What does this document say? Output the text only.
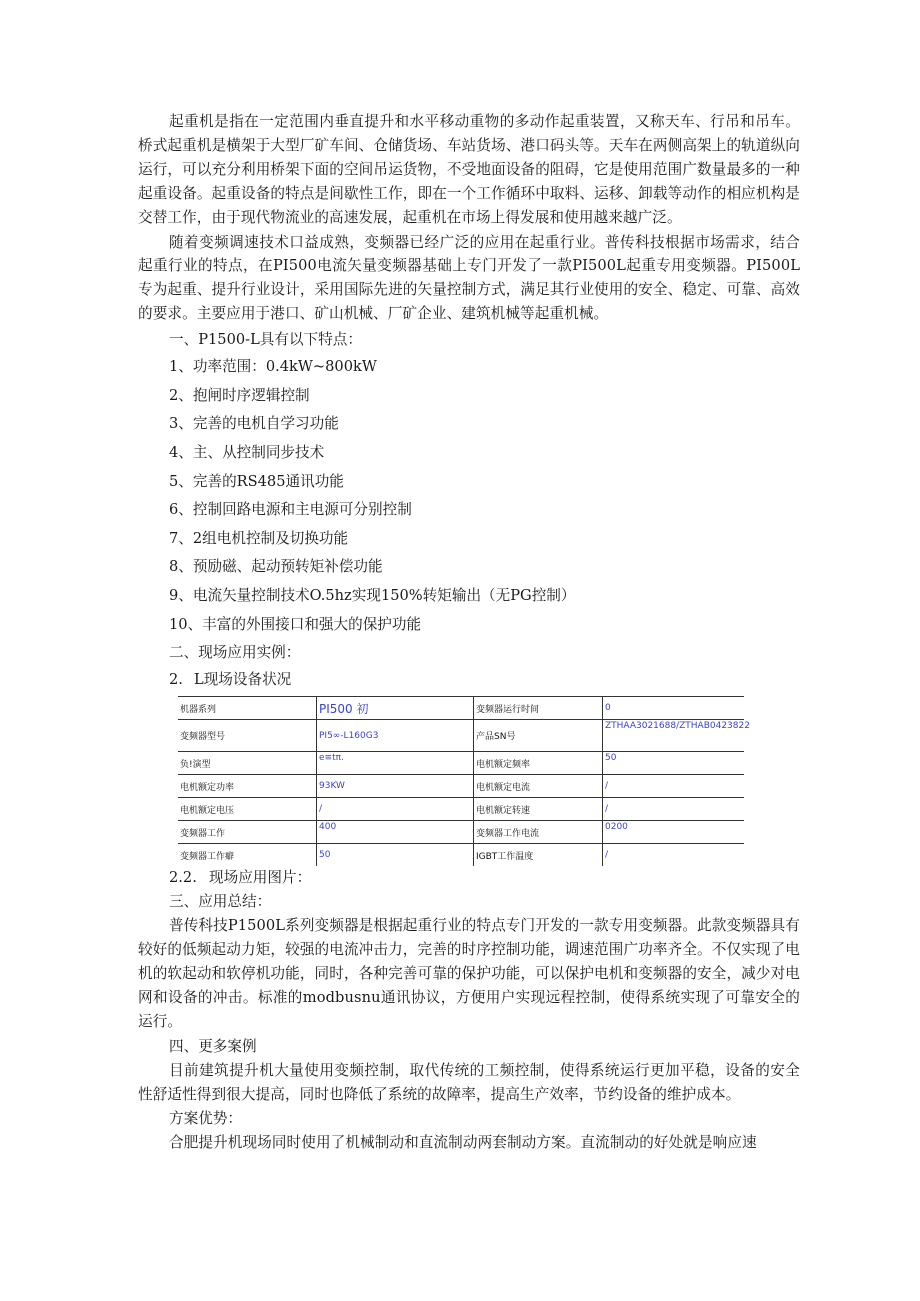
起重机是指在一定范围内垂直提升和水平移动重物的多动作起重装置，又称天车、行吊和吊车。桥式起重机是横架于大型厂矿车间、仓储货场、车站货场、港口码头等。天车在两侧高架上的轨道纵向运行，可以充分利用桥架下面的空间吊运货物，不受地面设备的阻碍，它是使用范围广数量最多的一种起重设备。起重设备的特点是间歇性工作，即在一个工作循环中取料、运移、卸载等动作的相应机构是交替工作，由于现代物流业的高速发展，起重机在市场上得发展和使用越来越广泛。

随着变频调速技术口益成熟，变频器已经广泛的应用在起重行业。普传科技根据市场需求，结合起重行业的特点，在PI500电流矢量变频器基础上专门开发了一款PI500L起重专用变频器。PI500L专为起重、提升行业设计，采用国际先进的矢量控制方式，满足其行业使用的安全、稳定、可靠、高效的要求。主要应用于港口、矿山机械、厂矿企业、建筑机械等起重机械。

一、P1500-L具有以下特点：

1、功率范围：0.4kW~800kW

2、抱闸时序逻辑控制

3、完善的电机自学习功能

4、主、从控制同步技术

5、完善的RS485通讯功能

6、控制回路电源和主电源可分别控制

7、2组电机控制及切换功能

8、预励磁、起动预转矩补偿功能

9、电流矢量控制技术O.5hz实现150%转矩输出（无PG控制）

10、丰富的外围接口和强大的保护功能

二、现场应用实例：

2. L现场设备状况

机器系列	PI500 初	变频器运行时间	0
变频器型号	PI5∞-L160G3	产品SN号	ZTHAA3021688/ZTHAB0423822
负!演型	e≡tπ.	电机额定频率	50
电机额定功率	93KW	电机额定电流	/
电机额定电压	/	电机额定转速	/
变频器工作	400	变频器工作电流	0200
变频器工作癖	50	IGBT工作温度	/

2.2. 现场应用图片：

三、应用总结：

普传科技P1500L系列变频器是根据起重行业的特点专门开发的一款专用变频器。此款变频器具有较好的低频起动力矩，较强的电流冲击力，完善的时序控制功能，调速范围广功率齐全。不仅实现了电机的软起动和软停机功能，同时，各种完善可靠的保护功能，可以保护电机和变频器的安全，减少对电网和设备的冲击。标准的modbusnu通讯协议，方便用户实现远程控制，使得系统实现了可靠安全的运行。

四、更多案例

目前建筑提升机大量使用变频控制，取代传统的工频控制，使得系统运行更加平稳，设备的安全性舒适性得到很大提高，同时也降低了系统的故障率，提高生产效率，节约设备的维护成本。

方案优势：

合肥提升机现场同时使用了机械制动和直流制动两套制动方案。直流制动的好处就是响应速
